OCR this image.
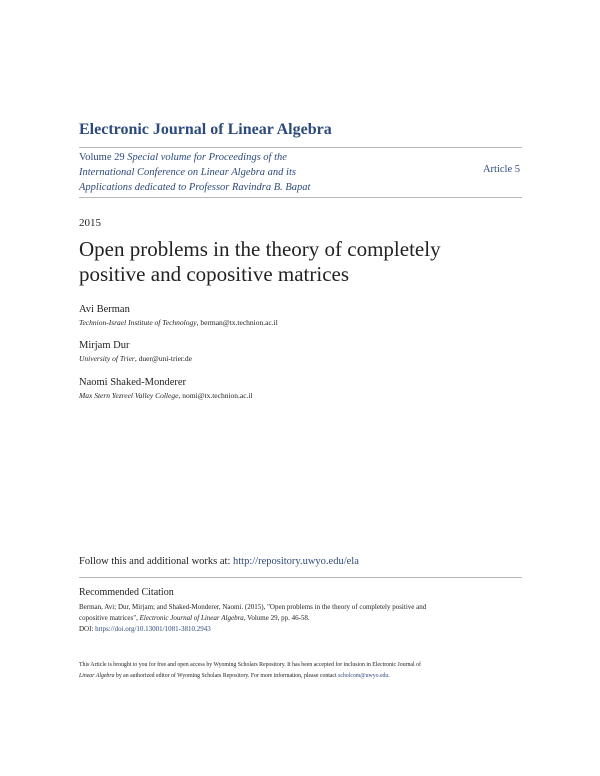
Electronic Journal of Linear Algebra
Volume 29 Special volume for Proceedings of the
International Conference on Linear Algebra and its
Applications dedicated to Professor Ravindra B. Bapat
Article 5
2015
Open problems in the theory of completely
positive and copositive matrices
Avi Berman
Technion-Israel Institute of Technology, berman@tx.technion.ac.il
Mirjam Dur
University of Trier, duer@uni-trier.de
Naomi Shaked-Monderer
Max Stern Yezreel Valley College, nomi@tx.technion.ac.il
Follow this and additional works at: http://repository.uwyo.edu/ela
Recommended Citation
Berman, Avi; Dur, Mirjam; and Shaked-Monderer, Naomi. (2015), "Open problems in the theory of completely positive and
copositive matrices", Electronic Journal of Linear Algebra, Volume 29, pp. 46-58.
DOI: https://doi.org/10.13001/1081-3810.2943
This Article is brought to you for free and open access by Wyoming Scholars Repository. It has been accepted for inclusion in Electronic Journal of
Linear Algebra by an authorized editor of Wyoming Scholars Repository. For more information, please contact scholcom@uwyo.edu.
